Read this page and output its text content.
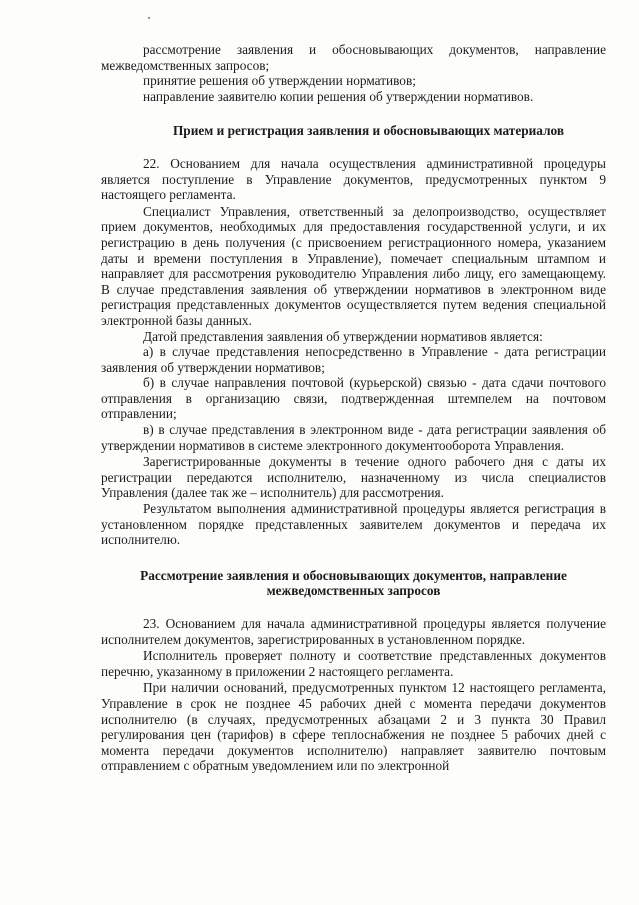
рассмотрение заявления и обосновывающих документов, направление межведомственных запросов;

принятие решения об утверждении нормативов;

направление заявителю копии решения об утверждении нормативов.

Прием и регистрация заявления и обосновывающих материалов

22. Основанием для начала осуществления административной процедуры является поступление в Управление документов, предусмотренных пунктом 9 настоящего регламента.

Специалист Управления, ответственный за делопроизводство, осуществляет прием документов, необходимых для предоставления государственной услуги, и их регистрацию в день получения (с присвоением регистрационного номера, указанием даты и времени поступления в Управление), помечает специальным штампом и направляет для рассмотрения руководителю Управления либо лицу, его замещающему. В случае представления заявления об утверждении нормативов в электронном виде регистрация представленных документов осуществляется путем ведения специальной электронной базы данных.

Датой представления заявления об утверждении нормативов является:

а) в случае представления непосредственно в Управление - дата регистрации заявления об утверждении нормативов;

б) в случае направления почтовой (курьерской) связью - дата сдачи почтового отправления в организацию связи, подтвержденная штемпелем на почтовом отправлении;

в) в случае представления в электронном виде - дата регистрации заявления об утверждении нормативов в системе электронного документооборота Управления.

Зарегистрированные документы в течение одного рабочего дня с даты их регистрации передаются исполнителю, назначенному из числа специалистов Управления (далее так же – исполнитель) для рассмотрения.

Результатом выполнения административной процедуры является регистрация в установленном порядке представленных заявителем документов и передача их исполнителю.

Рассмотрение заявления и обосновывающих документов, направление
межведомственных запросов

23. Основанием для начала административной процедуры является получение исполнителем документов, зарегистрированных в установленном порядке.

Исполнитель проверяет полноту и соответствие представленных документов перечню, указанному в приложении 2 настоящего регламента.

При наличии оснований, предусмотренных пунктом 12 настоящего регламента, Управление в срок не позднее 45 рабочих дней с момента передачи документов исполнителю (в случаях, предусмотренных абзацами 2 и 3 пункта 30 Правил регулирования цен (тарифов) в сфере теплоснабжения не позднее 5 рабочих дней с момента передачи документов исполнителю) направляет заявителю почтовым отправлением с обратным уведомлением или по электронной
